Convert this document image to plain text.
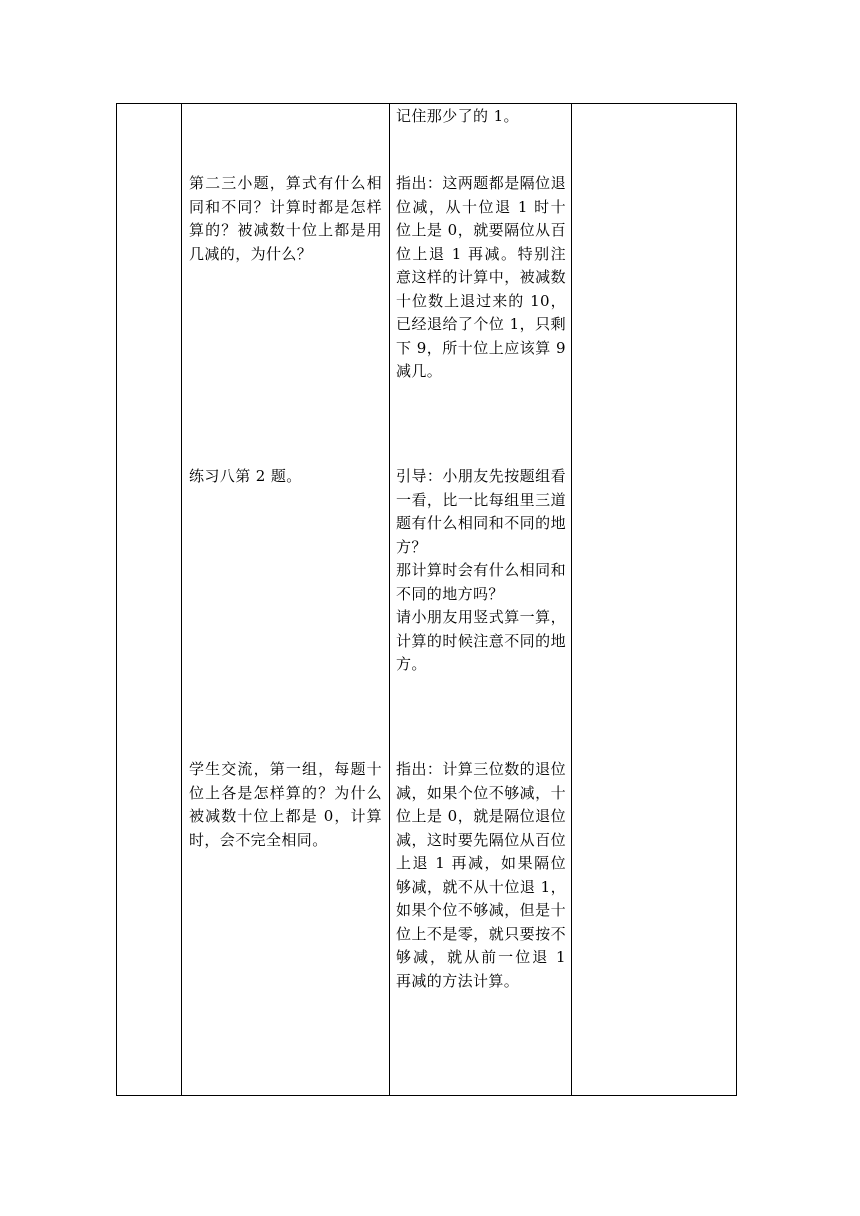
记住那少了的 1。
第二三小题，算式有什么相同和不同？计算时都是怎样算的？被减数十位上都是用几减的，为什么？
指出：这两题都是隔位退位减，从十位退 1 时十位上是 0，就要隔位从百位上退 1 再减。特别注意这样的计算中，被减数十位数上退过来的 10，已经退给了个位 1，只剩下 9，所十位上应该算 9 减几。
练习八第 2 题。	引导：小朋友先按题组看一看，比一比每组里三道题有什么相同和不同的地方？
那计算时会有什么相同和不同的地方吗？
请小朋友用竖式算一算，计算的时候注意不同的地方。
学生交流，第一组，每题十位上各是怎样算的？为什么被减数十位上都是 0，计算时，会不完全相同。
指出：计算三位数的退位减，如果个位不够减，十位上是 0，就是隔位退位减，这时要先隔位从百位上退 1 再减，如果隔位够减，就不从十位退 1，如果个位不够减，但是十位上不是零，就只要按不够减，就从前一位退 1 再减的方法计算。
